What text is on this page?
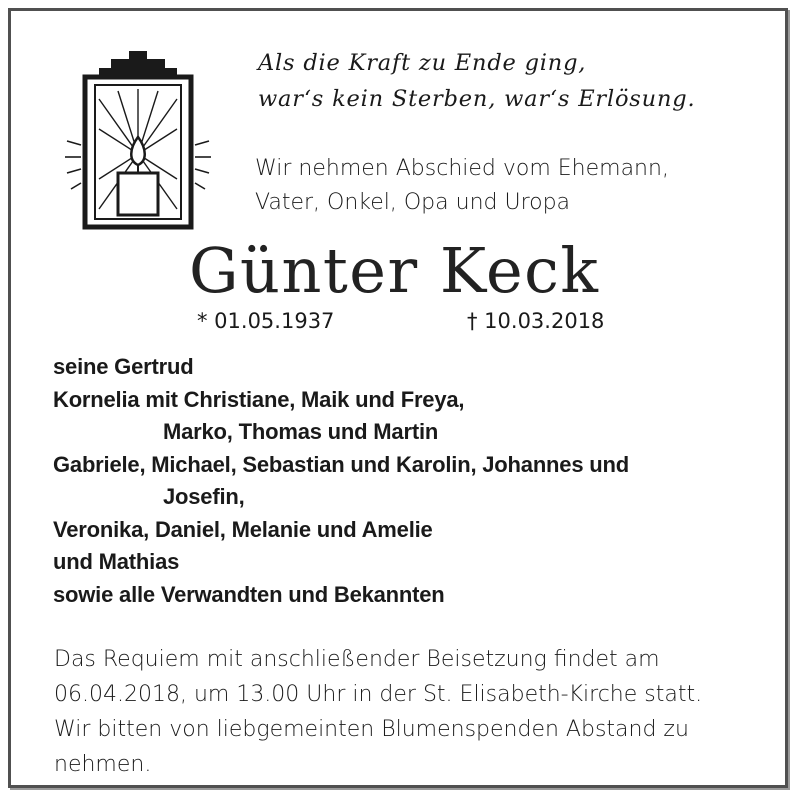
Als die Kraft zu Ende ging,
war‘s kein Sterben, war‘s Erlösung.

Wir nehmen Abschied vom Ehemann,
Vater, Onkel, Opa und Uropa

Günter Keck

* 01.05.1937	† 10.03.2018

seine Gertrud
Kornelia mit Christiane, Maik und Freya,
Marko, Thomas und Martin
Gabriele, Michael, Sebastian und Karolin, Johannes und
Josefin,
Veronika, Daniel, Melanie und Amelie
und Mathias
sowie alle Verwandten und Bekannten

Das Requiem mit anschließender Beisetzung findet am
06.04.2018, um 13.00 Uhr in der St. Elisabeth-Kirche statt.
Wir bitten von liebgemeinten Blumenspenden Abstand zu
nehmen.
